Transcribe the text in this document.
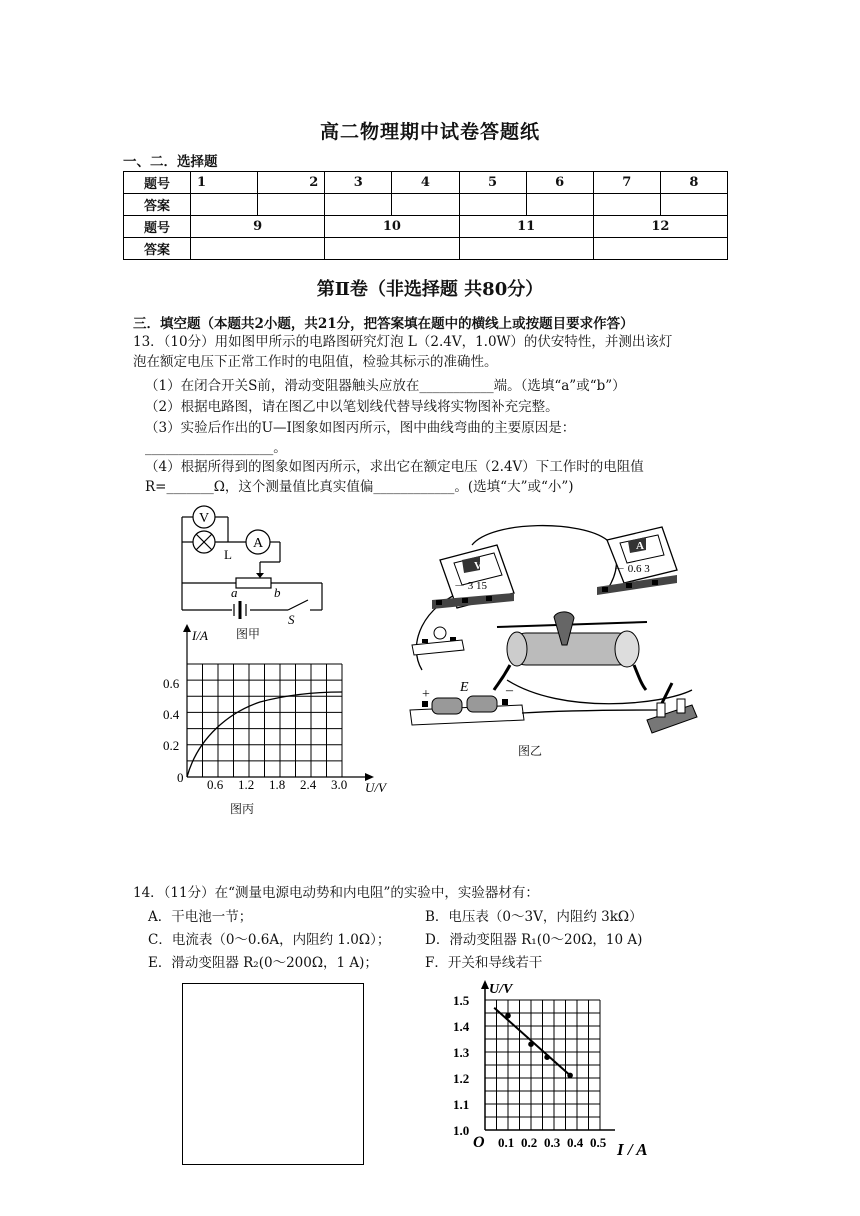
高二物理期中试卷答题纸
一、二．选择题
题号	1	2	3	4	5	6	7	8
答案								
题号	9		10		11		12	
答案								
第Ⅱ卷（非选择题 共80分）
三．填空题（本题共2小题，共21分，把答案填在题中的横线上或按题目要求作答）
13．（10分）用如图甲所示的电路图研究灯泡 L（2.4V，1.0W）的伏安特性，并测出该灯
泡在额定电压下正常工作时的电阻值，检验其标示的准确性。
（1）在闭合开关S前，滑动变阻器触头应放在___________端。（选填“a”或“b”）
（2）根据电路图，请在图乙中以笔划线代替导线将实物图补充完整。
（3）实验后作出的U—I图象如图丙所示，图中曲线弯曲的主要原因是：
___________________。
（4）根据所得到的图象如图丙所示，求出它在额定电压（2.4V）下工作时的电阻值
R=_______Ω，这个测量值比真实值偏____________。(选填“大”或“小”)
V
A
L
a	b
S
图甲
I/A
U/V
0
0.6
0.4
0.2
0.6 1.2 1.8 2.4 3.0
图丙
V
－ 3 15
A
－ 0.6 3
+	–
E
图乙
14．（11分）在“测量电源电动势和内电阻”的实验中，实验器材有：
A．干电池一节；	B．电压表（0～3V，内阻约 3kΩ）
C．电流表（0～0.6A，内阻约 1.0Ω）；	D．滑动变阻器 R₁(0～20Ω，10 A)
E．滑动变阻器 R₂(0～200Ω，1 A)；	F．开关和导线若干
U/V
I / A
O
1.5
1.4
1.3
1.2
1.1
1.0
0.1 0.2 0.3 0.4 0.5
